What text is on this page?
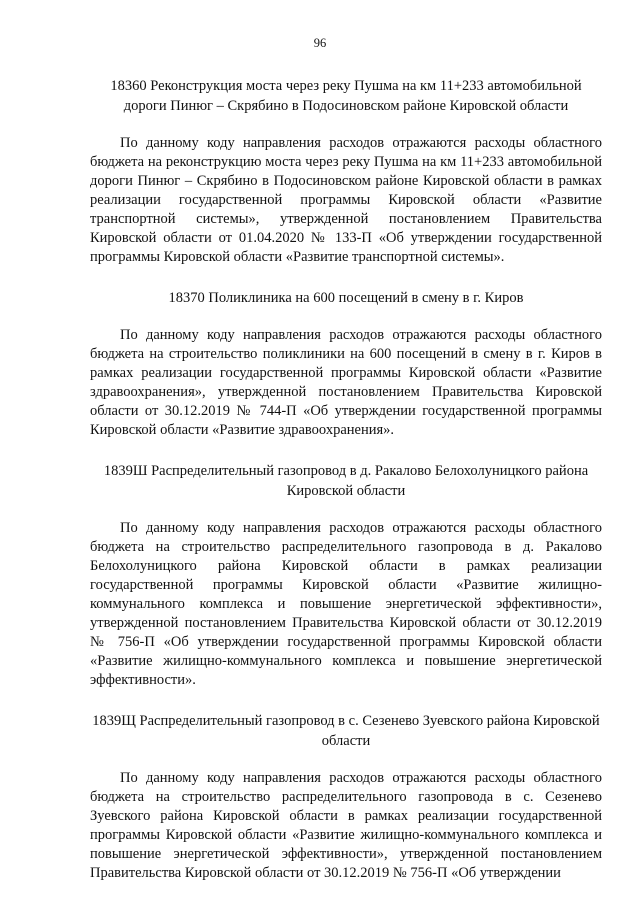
96

18360 Реконструкция моста через реку Пушма на км 11+233 автомобильной дороги Пинюг – Скрябино в Подосиновском районе Кировской области

По данному коду направления расходов отражаются расходы областного бюджета на реконструкцию моста через реку Пушма на км 11+233 автомобильной дороги Пинюг – Скрябино в Подосиновском районе Кировской области в рамках реализации государственной программы Кировской области «Развитие транспортной системы», утвержденной постановлением Правительства Кировской области от 01.04.2020 № 133-П «Об утверждении государственной программы Кировской области «Развитие транспортной системы».

18370 Поликлиника на 600 посещений в смену в г. Киров

По данному коду направления расходов отражаются расходы областного бюджета на строительство поликлиники на 600 посещений в смену в г. Киров в рамках реализации государственной программы Кировской области «Развитие здравоохранения», утвержденной постановлением Правительства Кировской области от 30.12.2019 № 744-П «Об утверждении государственной программы Кировской области «Развитие здравоохранения».

1839Ш Распределительный газопровод в д. Ракалово Белохолуницкого района Кировской области

По данному коду направления расходов отражаются расходы областного бюджета на строительство распределительного газопровода в д. Ракалово Белохолуницкого района Кировской области в рамках реализации государственной программы Кировской области «Развитие жилищно-коммунального комплекса и повышение энергетической эффективности», утвержденной постановлением Правительства Кировской области от 30.12.2019 № 756-П «Об утверждении государственной программы Кировской области «Развитие жилищно-коммунального комплекса и повышение энергетической эффективности».

1839Щ Распределительный газопровод в с. Сезенево Зуевского района Кировской области

По данному коду направления расходов отражаются расходы областного бюджета на строительство распределительного газопровода в с. Сезенево Зуевского района Кировской области в рамках реализации государственной программы Кировской области «Развитие жилищно-коммунального комплекса и повышение энергетической эффективности», утвержденной постановлением Правительства Кировской области от 30.12.2019 № 756-П «Об утверждении
